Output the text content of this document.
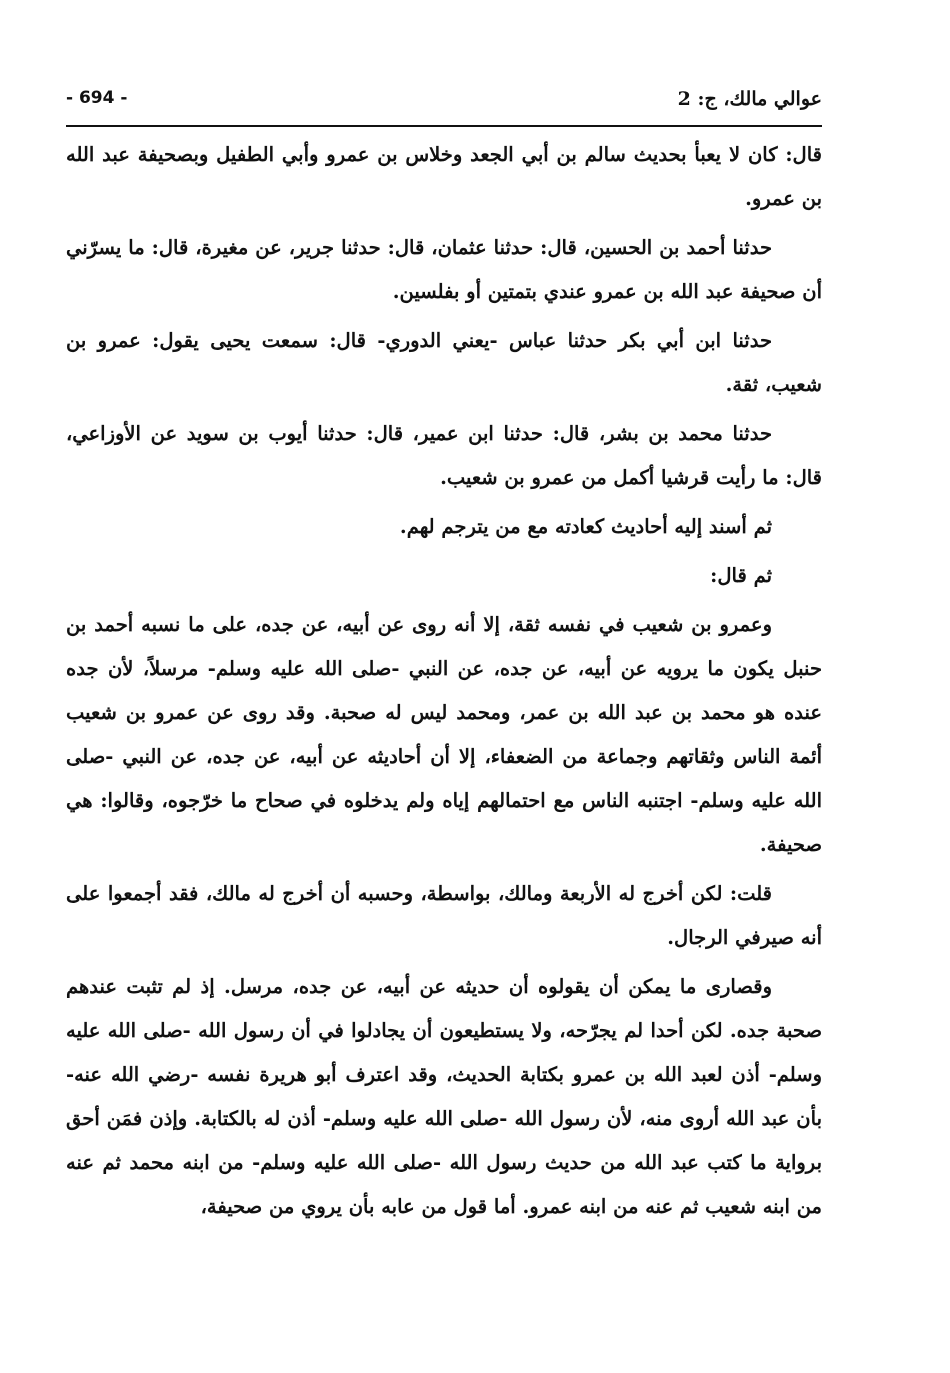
عوالي مالك، ج: 2
- 694 -

قال: كان لا يعبأ بحديث سالم بن أبي الجعد وخلاس بن عمرو وأبي الطفيل وبصحيفة عبد الله بن عمرو.

حدثنا أحمد بن الحسين، قال: حدثنا عثمان، قال: حدثنا جرير، عن مغيرة، قال: ما يسرّني أن صحيفة عبد الله بن عمرو عندي بتمتين أو بفلسين.

حدثنا ابن أبي بكر حدثنا عباس -يعني الدوري- قال: سمعت يحيى يقول: عمرو بن شعيب، ثقة.

حدثنا محمد بن بشر، قال: حدثنا ابن عمير، قال: حدثنا أيوب بن سويد عن الأوزاعي، قال: ما رأيت قرشيا أكمل من عمرو بن شعيب.

ثم أسند إليه أحاديث كعادته مع من يترجم لهم.

ثم قال:

وعمرو بن شعيب في نفسه ثقة، إلا أنه روى عن أبيه، عن جده، على ما نسبه أحمد بن حنبل يكون ما يرويه عن أبيه، عن جده، عن النبي -صلى الله عليه وسلم- مرسلاً، لأن جده عنده هو محمد بن عبد الله بن عمر، ومحمد ليس له صحبة. وقد روى عن عمرو بن شعيب أئمة الناس وثقاتهم وجماعة من الضعفاء، إلا أن أحاديثه عن أبيه، عن جده، عن النبي -صلى الله عليه وسلم- اجتنبه الناس مع احتمالهم إياه ولم يدخلوه في صحاح ما خرّجوه، وقالوا: هي صحيفة.

قلت: لكن أخرج له الأربعة ومالك، بواسطة، وحسبه أن أخرج له مالك، فقد أجمعوا على أنه صيرفي الرجال.

وقصارى ما يمكن أن يقولوه أن حديثه عن أبيه، عن جده، مرسل. إذ لم تثبت عندهم صحبة جده. لكن أحدا لم يجرّحه، ولا يستطيعون أن يجادلوا في أن رسول الله -صلى الله عليه وسلم- أذن لعبد الله بن عمرو بكتابة الحديث، وقد اعترف أبو هريرة نفسه -رضي الله عنه- بأن عبد الله أروى منه، لأن رسول الله -صلى الله عليه وسلم- أذن له بالكتابة. وإذن فمَن أحق برواية ما كتب عبد الله من حديث رسول الله -صلى الله عليه وسلم- من ابنه محمد ثم عنه من ابنه شعيب ثم عنه من ابنه عمرو. أما قول من عابه بأن يروي من صحيفة،
